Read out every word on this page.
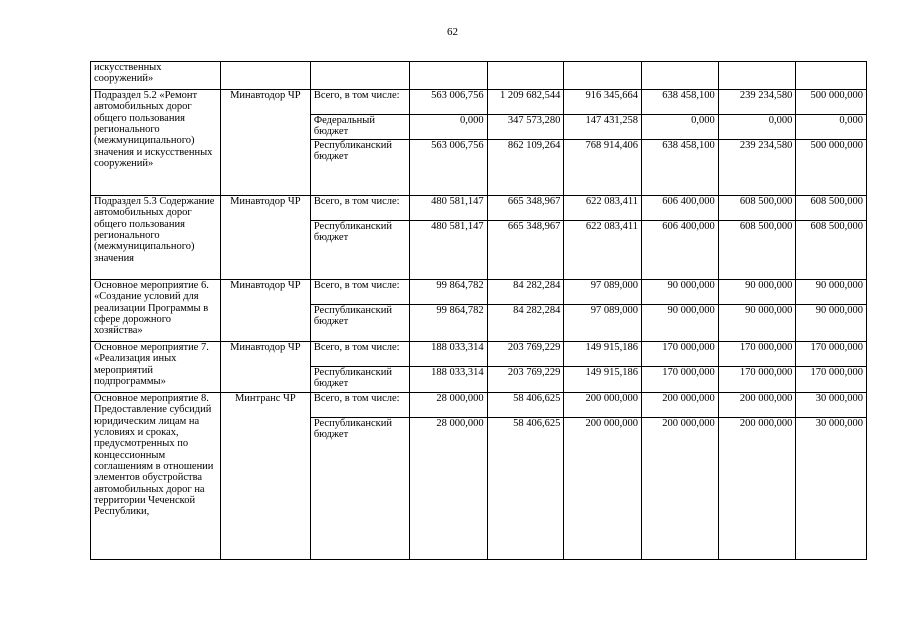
62
искусственных сооружений»								
Подраздел 5.2 «Ремонт автомобильных дорог общего пользования регионального (межмуниципального) значения и искусственных сооружений»	Минавтодор ЧР	Всего, в том числе:	563 006,756	1 209 682,544	916 345,664	638 458,100	239 234,580	500 000,000
		Федеральный бюджет	0,000	347 573,280	147 431,258	0,000	0,000	0,000
		Республиканский бюджет	563 006,756	862 109,264	768 914,406	638 458,100	239 234,580	500 000,000
Подраздел 5.3 Содержание автомобильных дорог общего пользования регионального (межмуниципального) значения	Минавтодор ЧР	Всего, в том числе:	480 581,147	665 348,967	622 083,411	606 400,000	608 500,000	608 500,000
		Республиканский бюджет	480 581,147	665 348,967	622 083,411	606 400,000	608 500,000	608 500,000
Основное мероприятие 6. «Создание условий для реализации Программы в сфере дорожного хозяйства»	Минавтодор ЧР	Всего, в том числе:	99 864,782	84 282,284	97 089,000	90 000,000	90 000,000	90 000,000
		Республиканский бюджет	99 864,782	84 282,284	97 089,000	90 000,000	90 000,000	90 000,000
Основное мероприятие 7. «Реализация иных мероприятий подпрограммы»	Минавтодор ЧР	Всего, в том числе:	188 033,314	203 769,229	149 915,186	170 000,000	170 000,000	170 000,000
		Республиканский бюджет	188 033,314	203 769,229	149 915,186	170 000,000	170 000,000	170 000,000
Основное мероприятие 8. Предоставление субсидий юридическим лицам на условиях и сроках, предусмотренных по концессионным соглашениям в отношении элементов обустройства автомобильных дорог на территории Чеченской Республики,	Минтранс ЧР	Всего, в том числе:	28 000,000	58 406,625	200 000,000	200 000,000	200 000,000	30 000,000
		Республиканский бюджет	28 000,000	58 406,625	200 000,000	200 000,000	200 000,000	30 000,000
